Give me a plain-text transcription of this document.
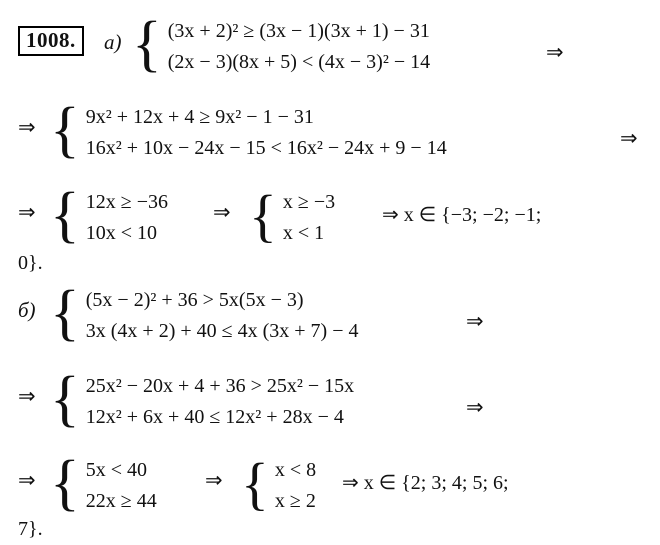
1008.	a) { (3x + 2)² ≥ (3x − 1)(3x + 1) − 31
(2x − 3)(8x + 5) < (4x − 3)² − 14	⇒
⇒ { 9x² + 12x + 4 ≥ 9x² − 1 − 31
16x² + 10x − 24x − 15 < 16x² − 24x + 9 − 14	⇒
⇒ { 12x ≥ −36
10x < 10
⇒ { x ≥ −3
x < 1
⇒ x ∈ {−3; −2; −1;
0}.
б) { (5x − 2)² + 36 > 5x(5x − 3)
3x (4x + 2) + 40 ≤ 4x (3x + 7) − 4	⇒
⇒ { 25x² − 20x + 4 + 36 > 25x² − 15x
12x² + 6x + 40 ≤ 12x² + 28x − 4	⇒
⇒ { 5x < 40
22x ≥ 44
⇒ { x < 8
x ≥ 2
⇒ x ∈ {2; 3; 4; 5; 6;
7}.
